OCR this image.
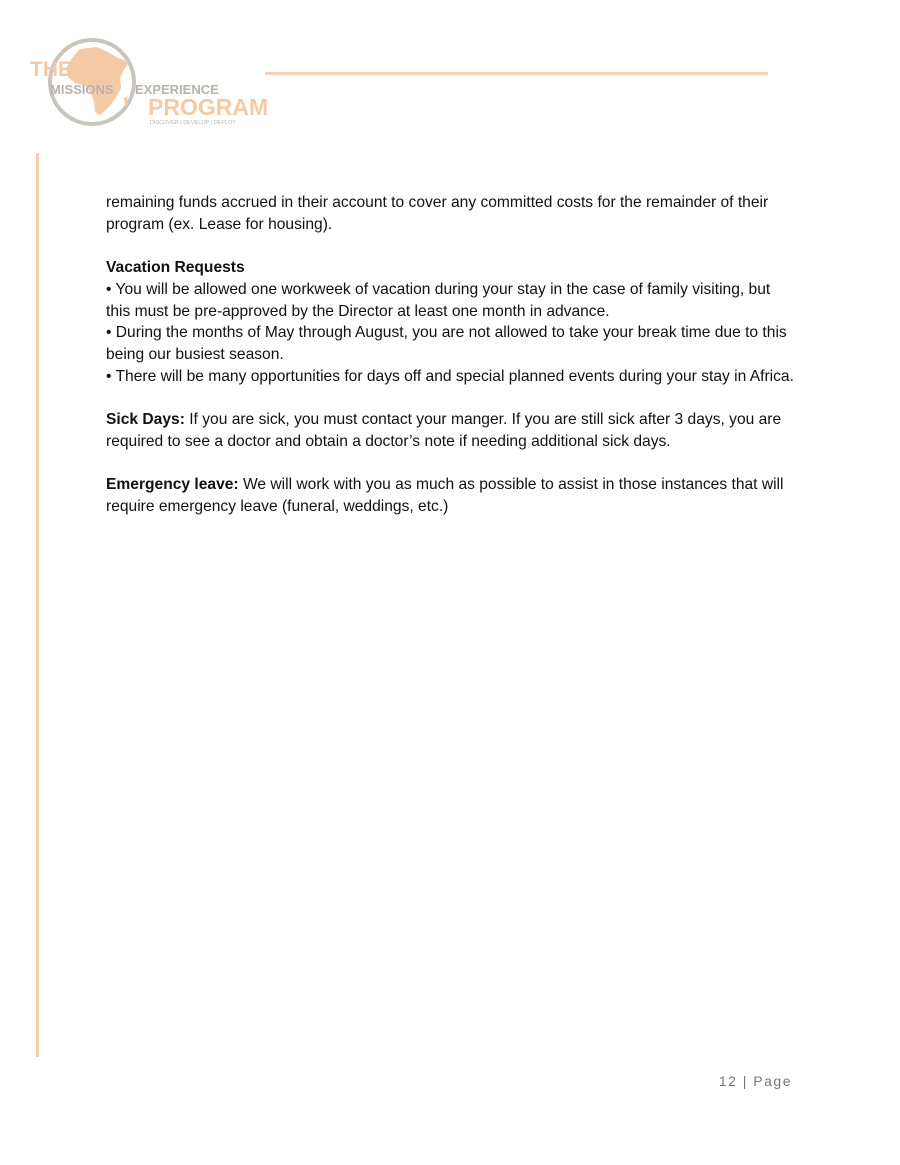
THE
MISSIONS EXPERIENCE
PROGRAM
DISCOVER | DEVELOP | DEPLOY

remaining funds accrued in their account to cover any committed costs for the remainder of their program (ex. Lease for housing).

Vacation Requests
• You will be allowed one workweek of vacation during your stay in the case of family visiting, but this must be pre-approved by the Director at least one month in advance.
• During the months of May through August, you are not allowed to take your break time due to this being our busiest season.
• There will be many opportunities for days off and special planned events during your stay in Africa.

Sick Days: If you are sick, you must contact your manger. If you are still sick after 3 days, you are required to see a doctor and obtain a doctor’s note if needing additional sick days.

Emergency leave: We will work with you as much as possible to assist in those instances that will require emergency leave (funeral, weddings, etc.)

12 | Page
